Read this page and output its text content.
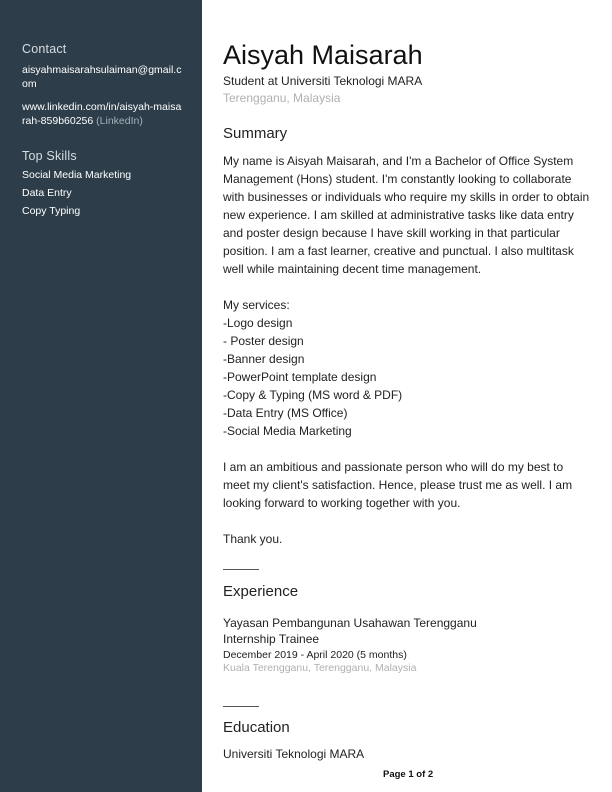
Contact
aisyahmaisarahsulaiman@gmail.com
www.linkedin.com/in/aisyah-maisarah-859b60256 (LinkedIn)
Top Skills
Social Media Marketing
Data Entry
Copy Typing
Aisyah Maisarah
Student at Universiti Teknologi MARA
Terengganu, Malaysia
Summary

My name is Aisyah Maisarah, and I'm a Bachelor of Office System Management (Hons) student. I'm constantly looking to collaborate with businesses or individuals who require my skills in order to obtain new experience. I am skilled at administrative tasks like data entry and poster design because I have skill working in that particular position. I am a fast learner, creative and punctual. I also multitask well while maintaining decent time management.

My services:

-Logo design

- Poster design

-Banner design

-PowerPoint template design

-Copy & Typing (MS word & PDF)

-Data Entry (MS Office)

-Social Media Marketing

I am an ambitious and passionate person who will do my best to meet my client's satisfaction. Hence, please trust me as well. I am looking forward to working together with you.

Thank you.

Experience
Yayasan Pembangunan Usahawan Terengganu
Internship Trainee
December 2019 - April 2020 (5 months)
Kuala Terengganu, Terengganu, Malaysia
Education
Universiti Teknologi MARA
Page 1 of 2
